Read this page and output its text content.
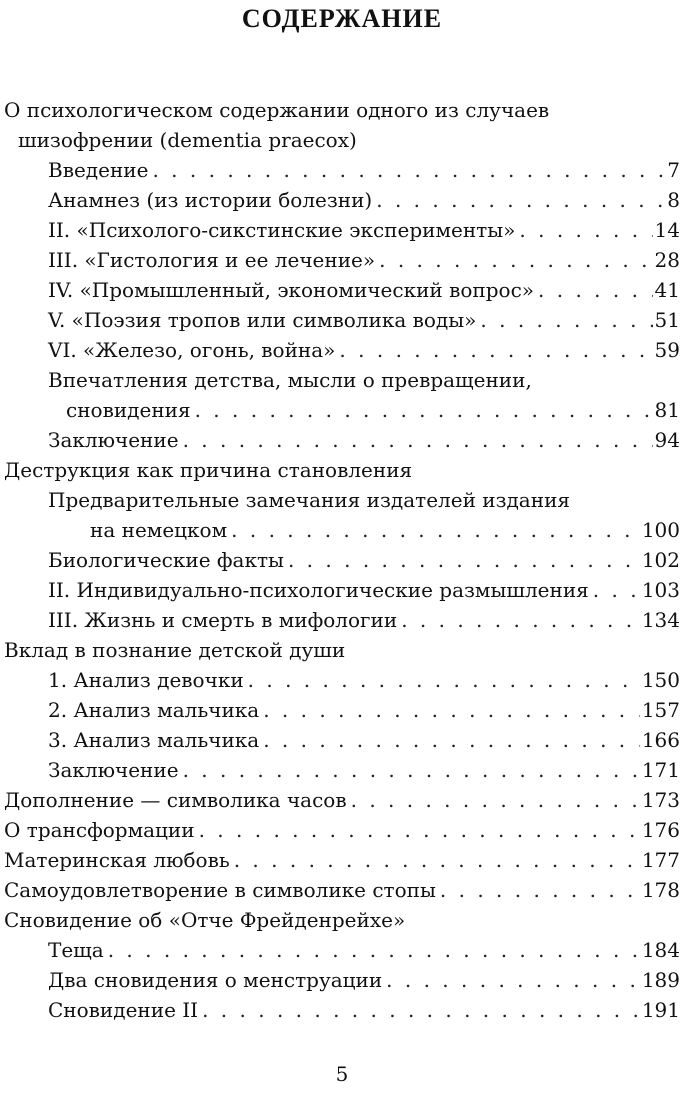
СОДЕРЖАНИЕ
О психологическом содержании одного из случаев
шизофрении (dementia praecox)
Введение . . .	7
Анамнез (из истории болезни) . . .	8
II. «Психолого-сикстинские эксперименты» . . .	14
III. «Гистология и ее лечение» . . .	28
IV. «Промышленный, экономический вопрос» . . .	41
V. «Поэзия тропов или символика воды» . . .	51
VI. «Железо, огонь, война» . . .	59
Впечатления детства, мысли о превращении,
сновидения . . .	81
Заключение . . .	94
Деструкция как причина становления
Предварительные замечания издателей издания
на немецком . . .	100
Биологические факты . . .	102
II. Индивидуально-психологические размышления . . .	103
III. Жизнь и смерть в мифологии . . .	134
Вклад в познание детской души
1. Анализ девочки . . .	150
2. Анализ мальчика . . .	157
3. Анализ мальчика . . .	166
Заключение . . .	171
Дополнение — символика часов . . .	173
О трансформации . . .	176
Материнская любовь . . .	177
Самоудовлетворение в символике стопы . . .	178
Сновидение об «Отче Фрейденрейхе»
Теща . . .	184
Два сновидения о менструации . . .	189
Сновидение II . . .	191
5
